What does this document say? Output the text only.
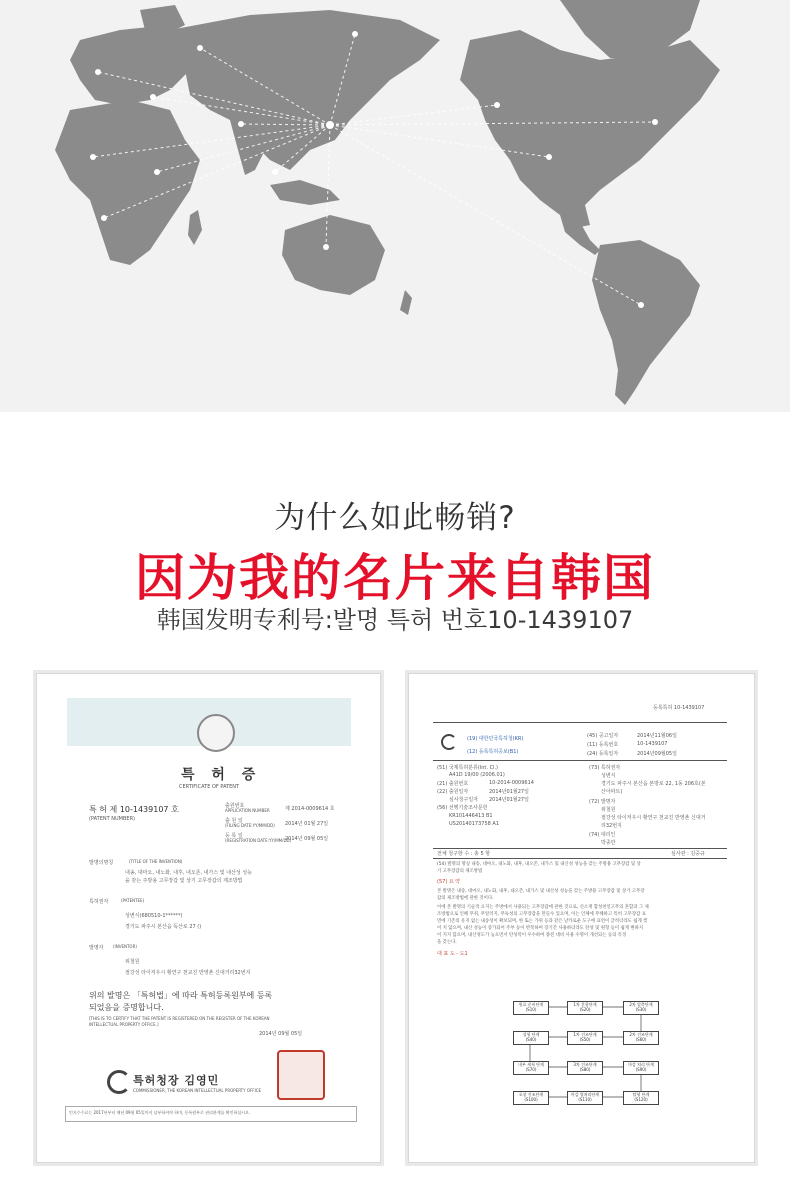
为什么如此畅销?
因为我的名片来自韩国
韩国发明专利号:발명 특허 번호10-1439107
특 허 증
CERTIFICATE OF PATENT
특 허 제 10-1439107 호
(PATENT NUMBER)
출원번호
APPLICATION NUMBER	제 2014-0009614 호
출 원 일
(FILING DATE:YY/MM/DD) 2014년 01월 27일
등 록 일
(REGISTRATION DATE:YY/MM/DD)
2014년 09월 05일
발명의명칭	(TITLE OF THE INVENTION)
내송, 대마오, 내노화, 내후, 내오존, 내가스 및 내산성 성능
을 갖는 주방용 고무장갑 및 상기 고무장갑의 제조방법
특허권자	(PATENTEE)
성변식(680510-1******)
경기도 파주시 본산읍 독산로 27 ()
발명자 (INVENTOR)
위철원
절강성 타이저우시 황연구 천교진 반영촌 신대거리32번지
위의 발명은 「특허법」에 따라 특허등록원부에 등록
되었음을 증명합니다.
[THIS IS TO CERTIFY THAT THE PATENT IS REGISTERED ON THE REGISTER OF THE KOREAN
INTELLECTUAL PROPERTY OFFICE.]
2014년 09월 05일
특허청장 김영민
COMMISSIONER, THE KOREAN INTELLECTUAL PROPERTY OFFICE
인지수수료는 2017년부터 매년 09월 05일까지 납부하셔야 하며, 등록원부로 권리관계를 확인하십시오.
등록특허 10-1439107
(19) 대한민국특허청(KR)
(12) 등록특허공보(B1)
(45) 공고일자	2014년11월06일
(11) 등록번호	10-1439107
(24) 등록일자	2014년09월05일
(51) 국제특허분류(Int. Cl.)
A41D 19/00 (2006.01)
(21) 출원번호	10-2014-0009614
(22) 출원일자	2014년01월27일
심사청구일자 2014년01월27일
(56) 선행기술조사문헌
KR101446413 B1
US20140173758 A1
(73) 특허권자
성변식
경기도 파주시 본산읍 본방로 22, 1동 206호(본
산아파트)
(72) 발명자
위철원
절강성 타이저우시 황연구 천교진 반영촌 신대거
리32번지
(74) 대리인
박종만
전체 청구항 수 : 총 5 항	심사관 : 김중규
(54) 발명의 명칭 내송, 대마오, 내노화, 내후, 내오존, 내가스 및 내산성 성능을 갖는 주방용 고무장갑 및 상
기 고무장갑의 제조방법
(57) 요 약
본 발명은 내송, 대마오, 내노화, 내후, 내오존, 내가스 및 내산성 성능을 갖는 주방용 고무장갑 및 상기 고무장
갑의 제조방법에 관한 것이다.
이에 본 발명의 기술적 요지는 주방에서 사용되는 고무장갑에 관한 것으로, 신소재 합성천연고무의 혼합과 그 제
조방법으로 인해 무취, 무알러지, 무독성의 고무장갑을 만들수 있으며, 이는 인체에 무해하고 특히 고무장갑 표
면에 기존의 유지 없는 내송성이 확보되며, 한 또는 가위 등과 같은 날카로운 도구에 표면이 긁히더라도 쉽게 찢
어 지 않으며, 내산 성능이 증가되어 주부 등이 반복하여 장기간 사용하더라도 탄성 및 원형 등이 쉽게 변하지
이 지지 않으며, 내산성도가 높으면서 탄성력이 우수하여 종전 대비 사용 수명이 개선되는 등의 특징
을 갖는다.
대 표 도 - 도1
원료 준비단계
(S10)
1차 혼합단계
(S20)
2차 압축단계
(S30)
성형 단계
(S40)
1차 건조단계
(S50)
2차 건조단계
(S60)
내부 세척 단계
(S70)
3차 건조단계
(S80)
마감 처리 단계
(S90)
포장 건조단계
(S100)
마감 열처리단계
(S110)
탈형 단계
(S120)
